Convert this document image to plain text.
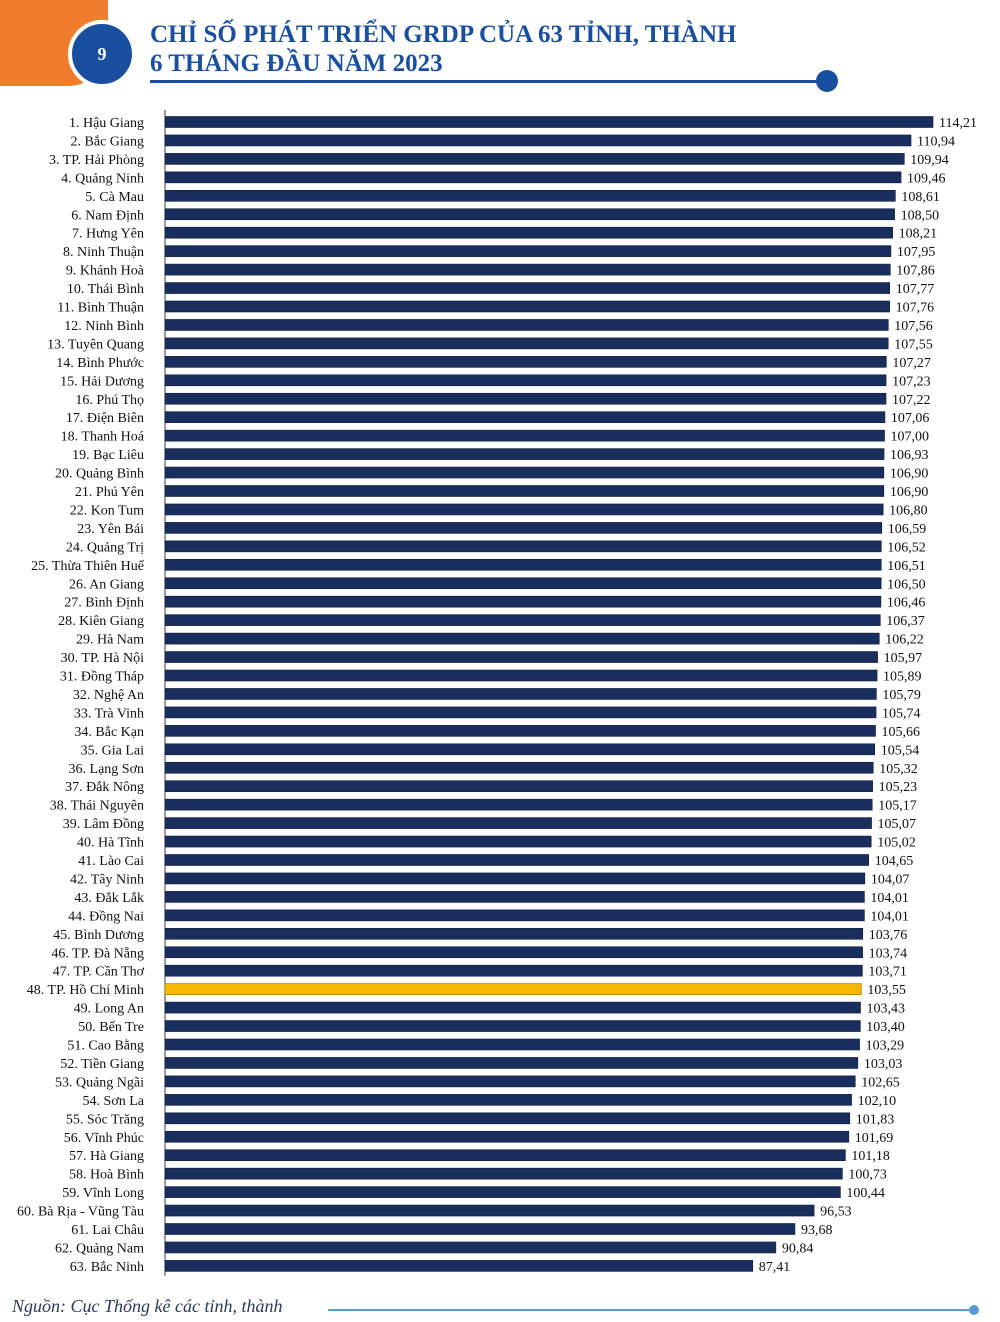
9
CHỈ SỐ PHÁT TRIỂN GRDP CỦA 63 TỈNH, THÀNH
6 THÁNG ĐẦU NĂM 2023
1. Hậu Giang	114,21
2. Bắc Giang	110,94
3. TP. Hải Phòng	109,94
4. Quảng Ninh	109,46
5. Cà Mau	108,61
6. Nam Định	108,50
7. Hưng Yên	108,21
8. Ninh Thuận	107,95
9. Khánh Hoà	107,86
10. Thái Bình	107,77
11. Bình Thuận	107,76
12. Ninh Bình	107,56
13. Tuyên Quang	107,55
14. Bình Phước	107,27
15. Hải Dương	107,23
16. Phú Thọ	107,22
17. Điện Biên	107,06
18. Thanh Hoá	107,00
19. Bạc Liêu	106,93
20. Quảng Bình	106,90
21. Phú Yên	106,90
22. Kon Tum	106,80
23. Yên Bái	106,59
24. Quảng Trị	106,52
25. Thừa Thiên Huế	106,51
26. An Giang	106,50
27. Bình Định	106,46
28. Kiên Giang	106,37
29. Hà Nam	106,22
30. TP. Hà Nội	105,97
31. Đồng Tháp	105,89
32. Nghệ An	105,79
33. Trà Vinh	105,74
34. Bắc Kạn	105,66
35. Gia Lai	105,54
36. Lạng Sơn	105,32
37. Đắk Nông	105,23
38. Thái Nguyên	105,17
39. Lâm Đồng	105,07
40. Hà Tĩnh	105,02
41. Lào Cai	104,65
42. Tây Ninh	104,07
43. Đắk Lắk	104,01
44. Đồng Nai	104,01
45. Bình Dương	103,76
46. TP. Đà Nẵng	103,74
47. TP. Cần Thơ	103,71
48. TP. Hồ Chí Minh	103,55
49. Long An	103,43
50. Bến Tre	103,40
51. Cao Bằng	103,29
52. Tiền Giang	103,03
53. Quảng Ngãi	102,65
54. Sơn La	102,10
55. Sóc Trăng	101,83
56. Vĩnh Phúc	101,69
57. Hà Giang	101,18
58. Hoà Bình	100,73
59. Vĩnh Long	100,44
60. Bà Rịa - Vũng Tàu	96,53
61. Lai Châu	93,68
62. Quảng Nam	90,84
63. Bắc Ninh	87,41
Nguồn: Cục Thống kê các tỉnh, thành
